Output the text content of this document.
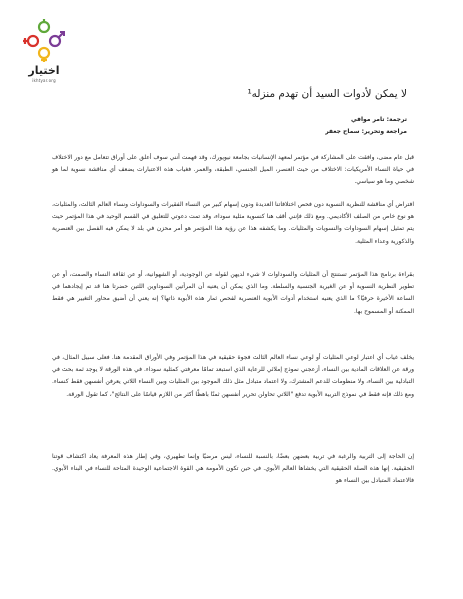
اختيار
ikhtyar.org
لا يمكن لأدوات السيد أن تهدم منزله¹
ترجمة: تامر موافي
مراجعة وتحرير: سماح جعفر

قبل عام مضى، وافقت على المشاركة في مؤتمر لمعهد الإنسانيات بجامعة نيويورك، وقد فهمت أنني سوف أعلق على أوراق تتعامل مع دور الاختلاف في حياة النساء الأمريكيات: الاختلاف من حيث العنصر، الميل الجنسي، الطبقة، والعمر. فغياب هذه الاعتبارات يضعف أي مناقشة نسوية لما هو شخصي وما هو سياسي.

افتراض أي مناقشة للنظرية النسوية دون فحص اختلافاتنا العديدة ودون إسهام كبير من النساء الفقيرات والسوداوات ونساء العالم الثالث، والمثليات، هو نوع خاص من الصلف الأكاديمي. ومع ذلك فإنني أقف هنا كنسوية مثلية سوداء، وقد تمت دعوتي للتعليق في القسم الوحيد في هذا المؤتمر حيث يتم تمثيل إسهام السوداوات والنسويات والمثليات. وما يكشفه هذا عن رؤية هذا المؤتمر هو أمر محزن في بلد لا يمكن فيه الفصل بين العنصرية والذكورية وعداء المثلية.

بقراءة برنامج هذا المؤتمر تستنتج أن المثليات والسوداوات لا شيء لديهن لقوله عن الوجودية، أو الشهوانية، أو عن ثقافة النساء والصمت، أو عن تطوير النظرية النسوية أو عن الغيرية الجنسية والسلطة. وما الذي يمكن أن يعنيه أن المرأتين السوداوين اللتين حضرتا هنا قد تم إيجادهما في الساعة الأخيرة حرفيًا؟ ما الذي يعنيه استخدام أدوات الأبوية العنصرية لفحص ثمار هذه الأبوية ذاتها؟ إنه يعني أن أضيق محاور التغيير هي فقط الممكنة أو المسموح بها.

يخلف غياب أي اعتبار لوعي المثليات أو لوعي نساء العالم الثالث فجوة حقيقية في هذا المؤتمر وفي الأوراق المقدمة هنا. فعلى سبيل المثال، في ورقة عن العلاقات المادية بين النساء، أزعجني نموذج إملائي للرعاية الذي استبعد تمامًا معرفتي كمثلية سوداء. في هذه الورقة لا يوجد ثمة بحث في التبادلية بين النساء، ولا منظومات للدعم المشترك، ولا اعتماد متبادل مثل ذلك الموجود بين المثليات وبين النساء اللاتي يعرفن أنفسهن فقط كنساء. ومع ذلك فإنه فقط في نموذج التربية الأبوية تدفع "اللاتي تحاولن تحرير أنفسهن ثمنًا باهظًا أكثر من اللازم قياسًا على النتائج"، كما تقول الورقة.

إن الحاجة إلى التربية والرغبة في تربية بعضهن بعضًا، بالنسبة للنساء، ليس مرضيًا وإنما تطهيري، وفي إطار هذه المعرفة يعاد اكتشاف قوتنا الحقيقية. إنها هذه الصلة الحقيقية التي يخشاها العالم الأبوي. في حين تكون الأمومة هي القوة الاجتماعية الوحيدة المتاحة للنساء في البناء الأبوي. فالاعتماد المتبادل بين النساء هو
